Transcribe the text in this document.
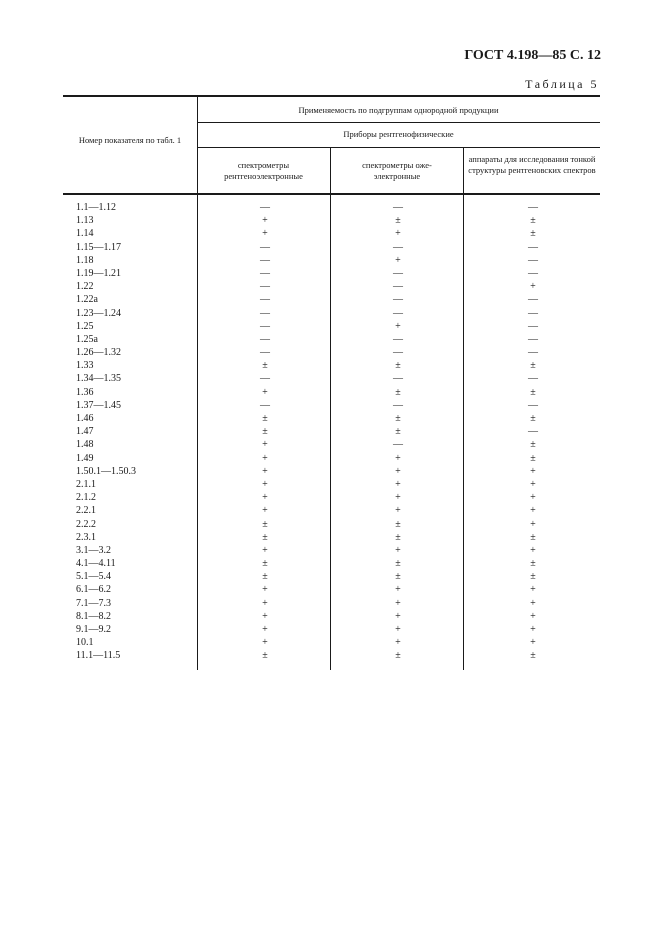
ГОСТ 4.198—85 С. 12
Таблица 5
Номер показателя по табл. 1
Применяемость по подгруппам однородной продукции
Приборы рентгенофизические
спектрометры рентгеноэлектронные
спектрометры оже-электронные
аппараты для исследования тонкой структуры рентгеновских спектров
1.1—1.12	—	—	—
1.13	+	±	±
1.14	+	+	±
1.15—1.17	—	—	—
1.18	—	+	—
1.19—1.21	—	—	—
1.22	—	—	+
1.22а	—	—	—
1.23—1.24	—	—	—
1.25	—	+	—
1.25а	—	—	—
1.26—1.32	—	—	—
1.33	±	±	±
1.34—1.35	—	—	—
1.36	+	±	±
1.37—1.45	—	—	—
1.46	±	±	±
1.47	±	±	—
1.48	+	—	±
1.49	+	+	±
1.50.1—1.50.3	+	+	+
2.1.1	+	+	+
2.1.2	+	+	+
2.2.1	+	+	+
2.2.2	±	±	+
2.3.1	±	±	±
3.1—3.2	+	+	+
4.1—4.11	±	±	±
5.1—5.4	±	±	±
6.1—6.2	+	+	+
7.1—7.3	+	+	+
8.1—8.2	+	+	+
9.1—9.2	+	+	+
10.1	+	+	+
11.1—11.5	±	±	±
